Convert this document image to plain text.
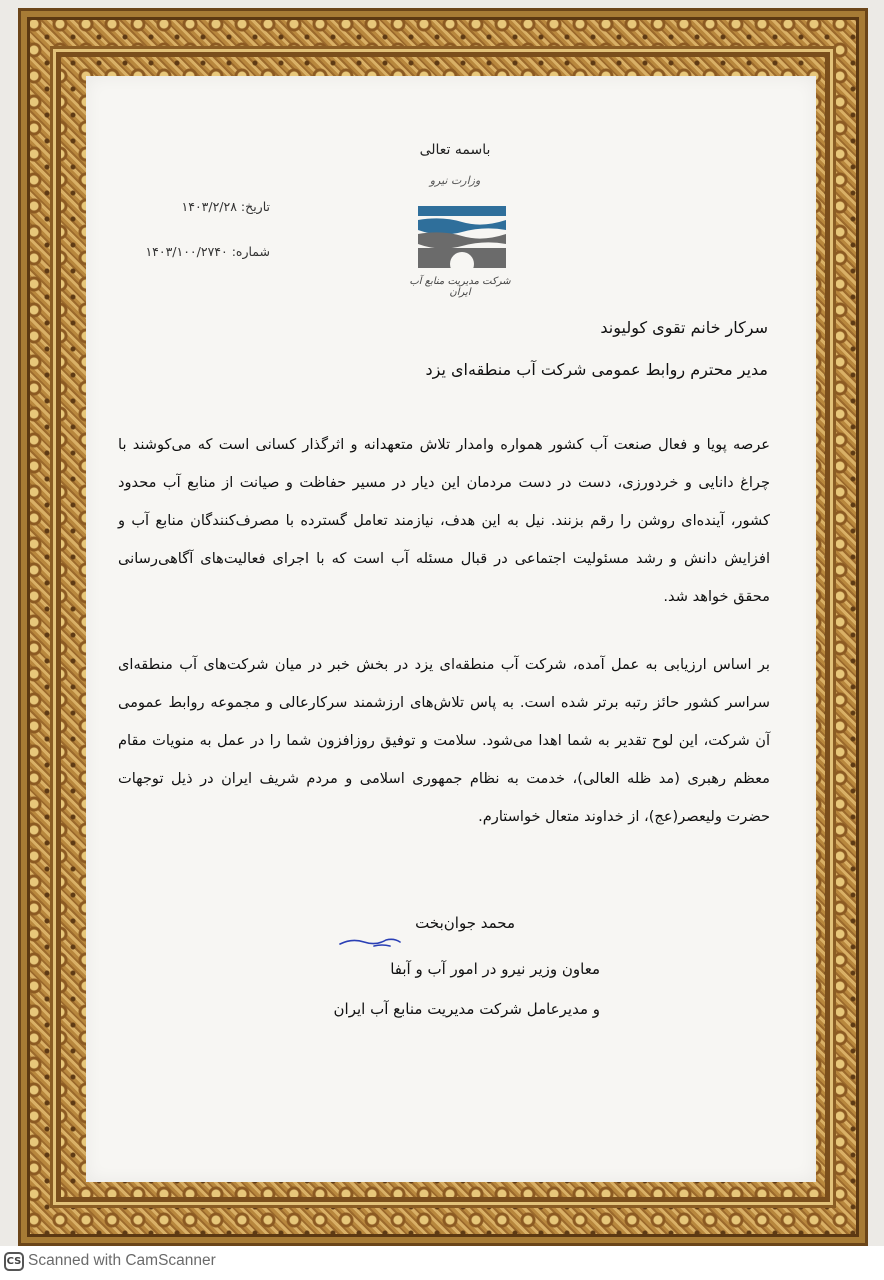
باسمه تعالی
وزارت نیرو
شرکت مدیریت منابع آب ایران
تاریخ: ۱۴۰۳/۲/۲۸
شماره: ۱۴۰۳/۱۰۰/۲۷۴۰
سرکار خانم تقوی کولیوند
مدیر محترم روابط عمومی شرکت آب منطقه‌ای یزد
عرصه پویا و فعال صنعت آب کشور همواره وامدار تلاش متعهدانه و اثرگذار کسانی است که می‌کوشند با چراغ دانایی و خردورزی، دست در دست مردمان این دیار در مسیر حفاظت و صیانت از منابع آب محدود کشور، آینده‌ای روشن را رقم بزنند. نیل به این هدف، نیازمند تعامل گسترده با مصرف‌کنندگان منابع آب و افزایش دانش و رشد مسئولیت اجتماعی در قبال مسئله آب است که با اجرای فعالیت‌های آگاهی‌رسانی محقق خواهد شد.
بر اساس ارزیابی به عمل آمده، شرکت آب منطقه‌ای یزد در بخش خبر در میان شرکت‌های آب منطقه‌ای سراسر کشور حائز رتبه برتر شده است. به پاس تلاش‌های ارزشمند سرکارعالی و مجموعه روابط عمومی آن شرکت، این لوح تقدیر به شما اهدا می‌شود. سلامت و توفیق روزافزون شما را در عمل به منویات مقام معظم رهبری (مد ظله العالی)، خدمت به نظام جمهوری اسلامی و مردم شریف ایران در ذیل توجهات حضرت ولیعصر(عج)، از خداوند متعال خواستارم.
محمد جوان‌بخت
معاون وزیر نیرو در امور آب و آبفا
و مدیرعامل شرکت مدیریت منابع آب ایران
CS Scanned with CamScanner
